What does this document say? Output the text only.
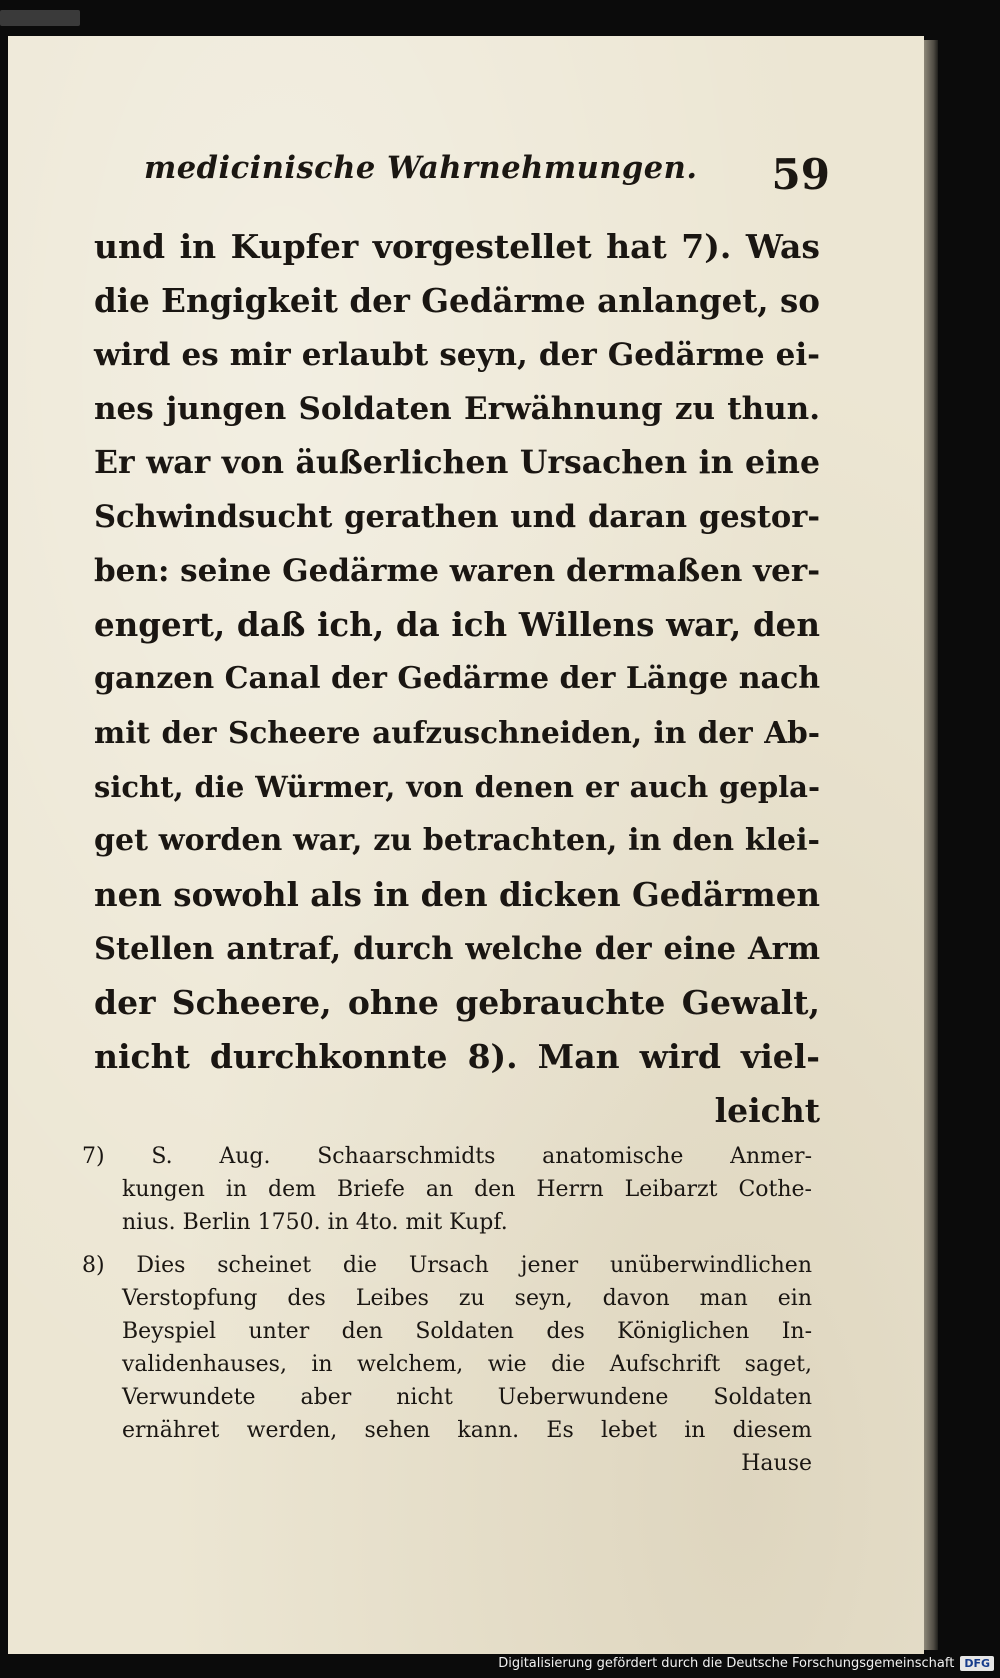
medicinische Wahrnehmungen. 59
und in Kupfer vorgestellet hat 7). Was
die Engigkeit der Gedärme anlanget, so
wird es mir erlaubt seyn, der Gedärme ei-
nes jungen Soldaten Erwähnung zu thun.
Er war von äußerlichen Ursachen in eine
Schwindsucht gerathen und daran gestor-
ben: seine Gedärme waren dermaßen ver-
engert, daß ich, da ich Willens war, den
ganzen Canal der Gedärme der Länge nach
mit der Scheere aufzuschneiden, in der Ab-
sicht, die Würmer, von denen er auch gepla-
get worden war, zu betrachten, in den klei-
nen sowohl als in den dicken Gedärmen
Stellen antraf, durch welche der eine Arm
der Scheere, ohne gebrauchte Gewalt,
nicht durchkonnte 8). Man wird viel-
leicht
7) S. Aug. Schaarschmidts anatomische Anmer-
kungen in dem Briefe an den Herrn Leibarzt Cothe-
nius. Berlin 1750. in 4to. mit Kupf.
8) Dies scheinet die Ursach jener unüberwindlichen
Verstopfung des Leibes zu seyn, davon man ein
Beyspiel unter den Soldaten des Königlichen In-
validenhauses, in welchem, wie die Aufschrift saget,
Verwundete aber nicht Ueberwundene Soldaten
ernähret werden, sehen kann. Es lebet in diesem
Hause
Digitalisierung gefördert durch die Deutsche Forschungsgemeinschaft DFG
